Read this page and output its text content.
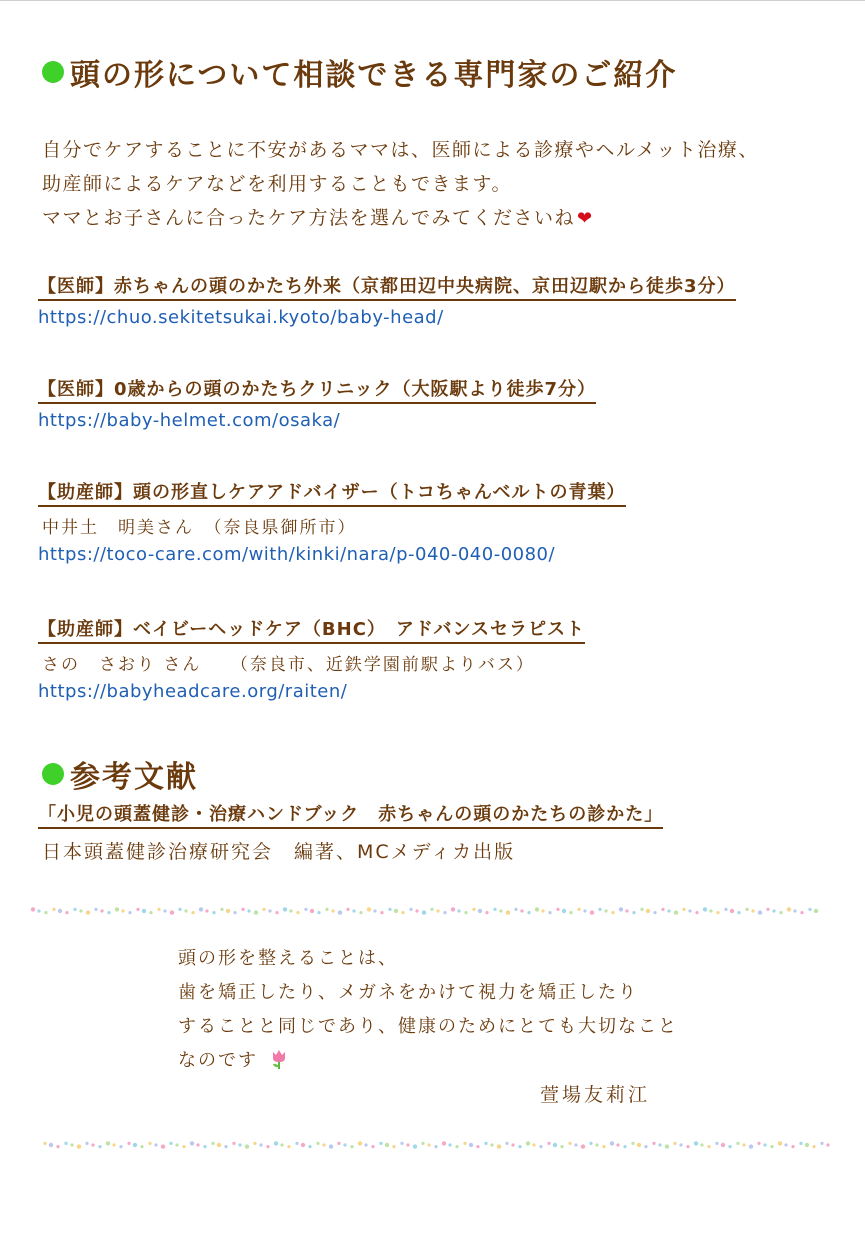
頭の形について相談できる専門家のご紹介
自分でケアすることに不安があるママは、医師による診療やヘルメット治療、
助産師によるケアなどを利用することもできます。
ママとお子さんに合ったケア方法を選んでみてくださいね ❤
【医師】赤ちゃんの頭のかたち外来（京都田辺中央病院、京田辺駅から徒歩3分）
https://chuo.sekitetsukai.kyoto/baby-head/
【医師】0歳からの頭のかたちクリニック（大阪駅より徒歩7分）
https://baby-helmet.com/osaka/
【助産師】頭の形直しケアアドバイザー（トコちゃんベルトの青葉）
中井土　明美さん　（奈良県御所市）
https://toco-care.com/with/kinki/nara/p-040-040-0080/
【助産師】ベイビーヘッドケア（BHC）　アドバンスセラピスト
さの　さおり さん　　（奈良市、近鉄学園前駅よりバス）
https://babyheadcare.org/raiten/
参考文献
「小児の頭蓋健診・治療ハンドブック　赤ちゃんの頭のかたちの診かた」
日本頭蓋健診治療研究会　編著、MCメディカ出版
頭の形を整えることは、
歯を矯正したり、メガネをかけて視力を矯正したり
することと同じであり、健康のためにとても大切なこと
なのです
萱場友莉江
